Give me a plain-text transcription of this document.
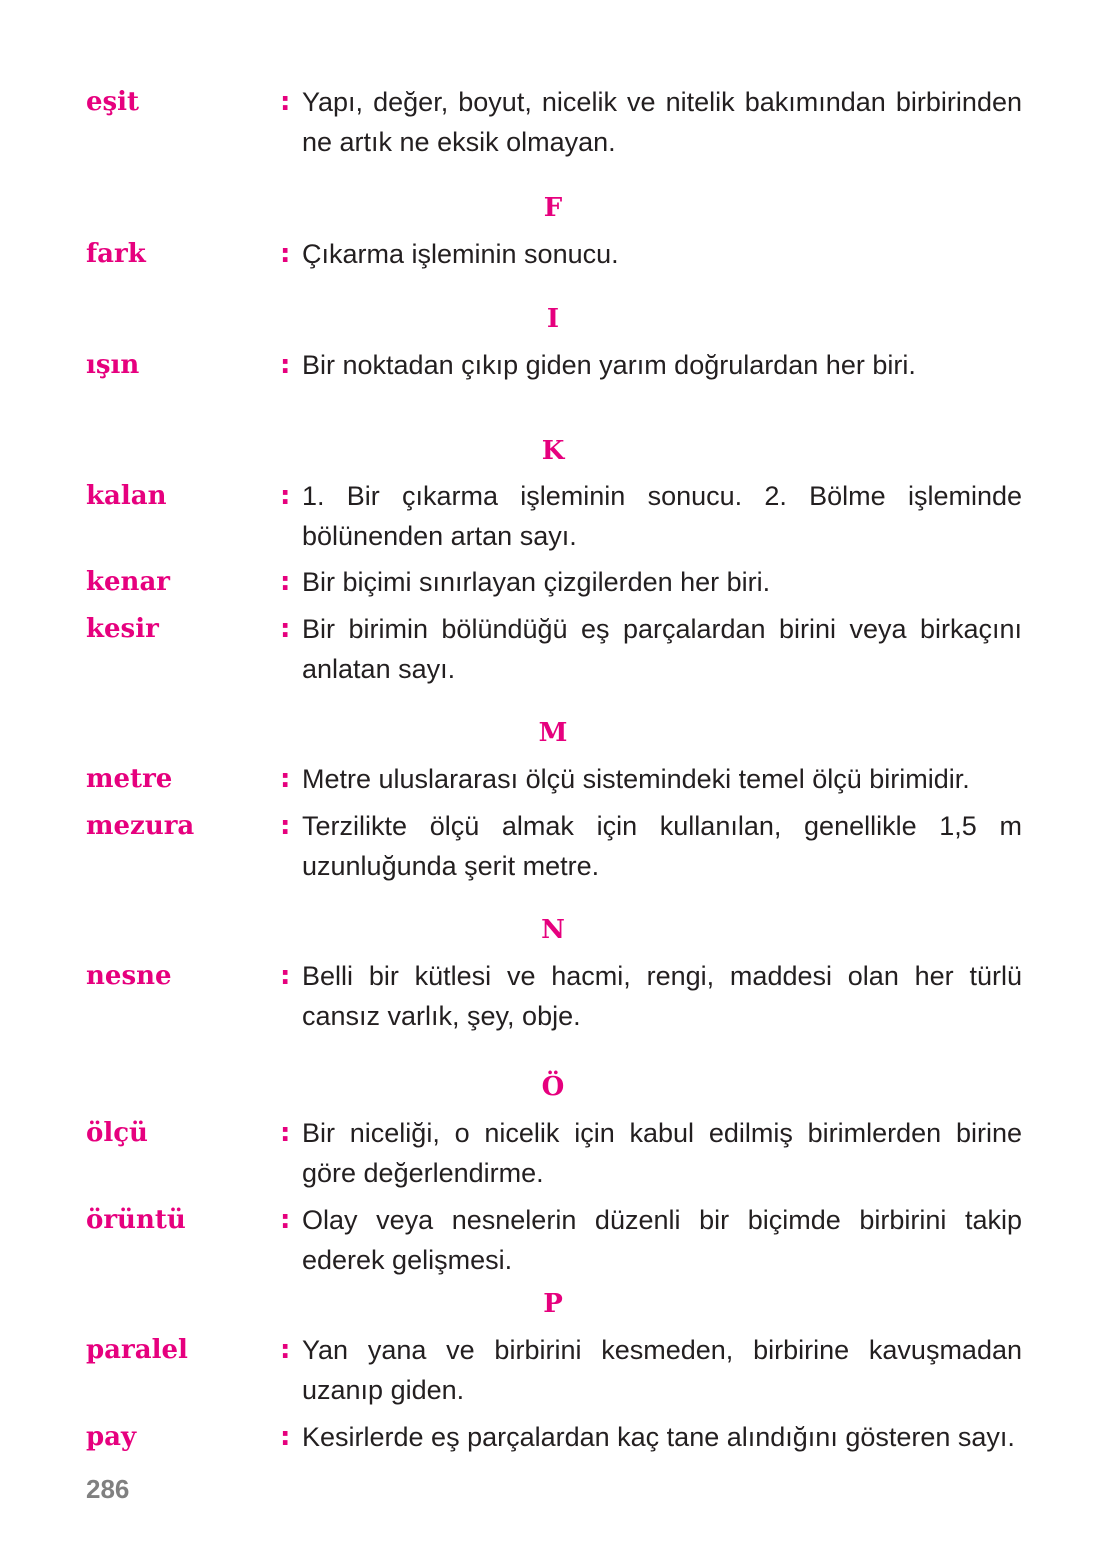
eşit	: Yapı, değer, boyut, nicelik ve nitelik bakımından birbirinden ne artık ne eksik olmayan.
F
fark	: Çıkarma işleminin sonucu.
I
ışın	: Bir noktadan çıkıp giden yarım doğrulardan her biri.
K
kalan	: 1. Bir çıkarma işleminin sonucu. 2. Bölme işleminde bölünenden artan sayı.
kenar	: Bir biçimi sınırlayan çizgilerden her biri.
kesir	: Bir birimin bölündüğü eş parçalardan birini veya birkaçını anlatan sayı.
M
metre	: Metre uluslararası ölçü sistemindeki temel ölçü birimidir.
mezura	: Terzilikte ölçü almak için kullanılan, genellikle 1,5 m uzunluğunda şerit metre.
N
nesne	: Belli bir kütlesi ve hacmi, rengi, maddesi olan her türlü cansız varlık, şey, obje.
Ö
ölçü	: Bir niceliği, o nicelik için kabul edilmiş birimlerden birine göre değerlendirme.
örüntü	: Olay veya nesnelerin düzenli bir biçimde birbirini takip ederek gelişmesi.
P
paralel	: Yan yana ve birbirini kesmeden, birbirine kavuşmadan uzanıp giden.
pay	: Kesirlerde eş parçalardan kaç tane alındığını gösteren sayı.
286
